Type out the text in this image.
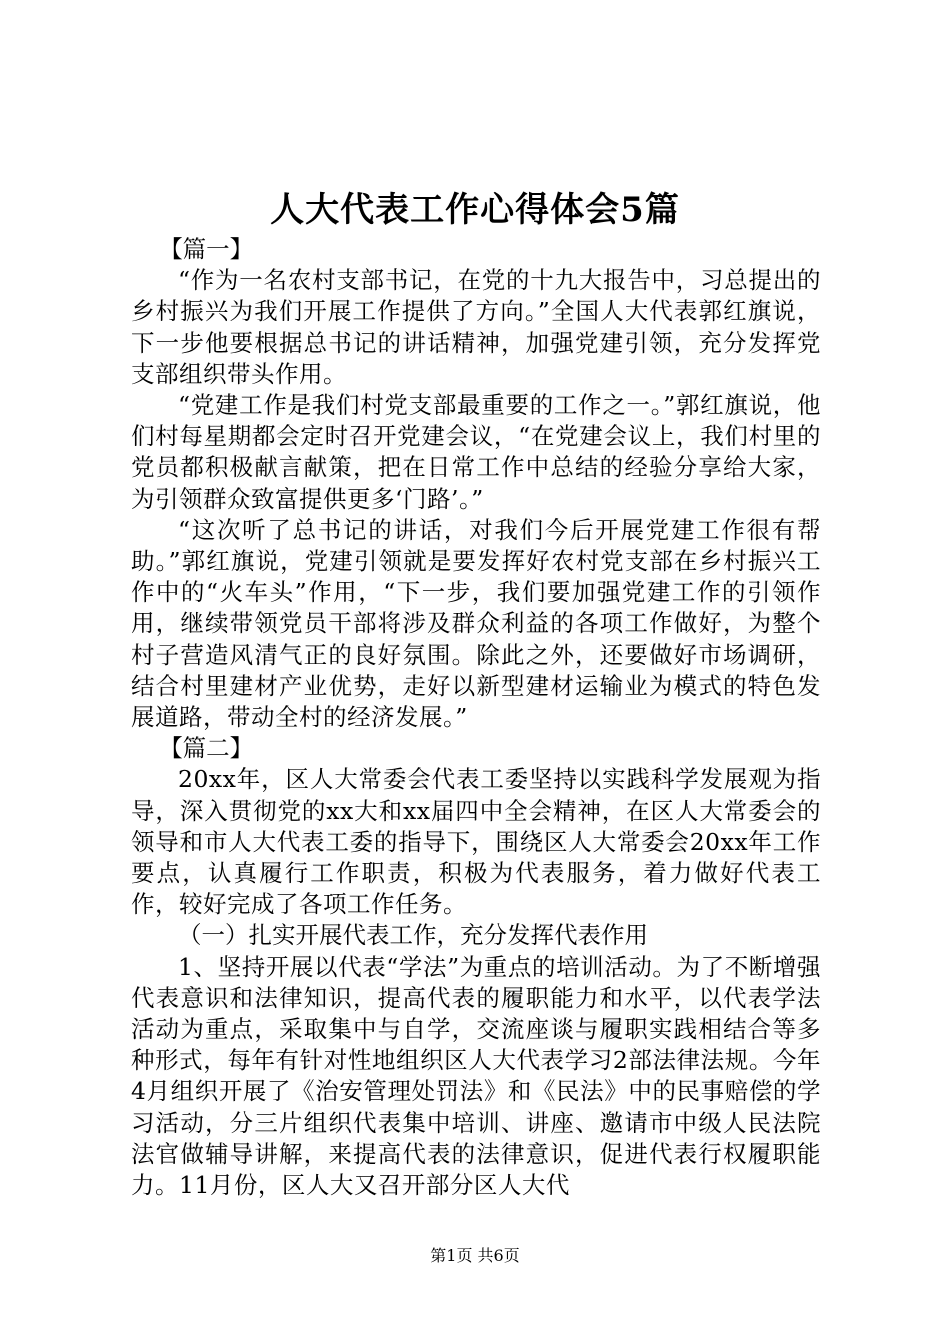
人大代表工作心得体会5篇

【篇一】

“作为一名农村支部书记，在党的十九大报告中，习总提出的乡村振兴为我们开展工作提供了方向。”全国人大代表郭红旗说，下一步他要根据总书记的讲话精神，加强党建引领，充分发挥党支部组织带头作用。

“党建工作是我们村党支部最重要的工作之一。”郭红旗说，他们村每星期都会定时召开党建会议，“在党建会议上，我们村里的党员都积极献言献策，把在日常工作中总结的经验分享给大家，为引领群众致富提供更多‘门路’。”

“这次听了总书记的讲话，对我们今后开展党建工作很有帮助。”郭红旗说，党建引领就是要发挥好农村党支部在乡村振兴工作中的“火车头”作用，“下一步，我们要加强党建工作的引领作用，继续带领党员干部将涉及群众利益的各项工作做好，为整个村子营造风清气正的良好氛围。除此之外，还要做好市场调研，结合村里建材产业优势，走好以新型建材运输业为模式的特色发展道路，带动全村的经济发展。”

【篇二】

20xx年，区人大常委会代表工委坚持以实践科学发展观为指导，深入贯彻党的xx大和xx届四中全会精神，在区人大常委会的领导和市人大代表工委的指导下，围绕区人大常委会20xx年工作要点，认真履行工作职责，积极为代表服务，着力做好代表工作，较好完成了各项工作任务。

（一）扎实开展代表工作，充分发挥代表作用

1、坚持开展以代表“学法”为重点的培训活动。为了不断增强代表意识和法律知识，提高代表的履职能力和水平，以代表学法活动为重点，采取集中与自学，交流座谈与履职实践相结合等多种形式，每年有针对性地组织区人大代表学习2部法律法规。今年4月组织开展了《治安管理处罚法》和《民法》中的民事赔偿的学习活动，分三片组织代表集中培训、讲座、邀请市中级人民法院法官做辅导讲解，来提高代表的法律意识，促进代表行权履职能力。11月份，区人大又召开部分区人大代

第1页 共6页
